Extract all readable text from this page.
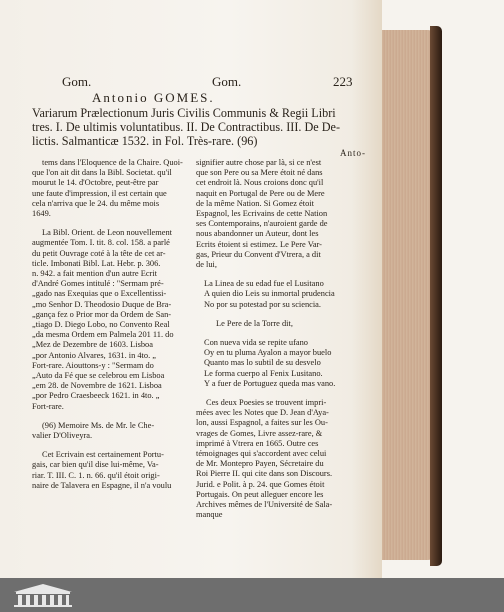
Gom.	Gom.	223
Antonio GOMES.
Variarum Prælectionum Juris Civilis Communis & Regii Libri
tres. I. De ultimis voluntatibus. II. De Contractibus. III. De De-
lictis. Salmanticæ 1532. in Fol. Très-rare. (96)
Anto-

tems dans l'Eloquence de la Chaire. Quoi-
que l'on ait dit dans la Bibl. Societat. qu'il
mourut le 14. d'Octobre, peut-être par
une faute d'impression, il est certain que
cela n'arriva que le 24. du même mois
1649.

La Bibl. Orient. de Leon nouvellement
augmentée Tom. I. tit. 8. col. 158. a parlé
du petit Ouvrage coté à la tête de cet ar-
ticle. Imbonati Bibl. Lat. Hebr. p. 306.
n. 942. a fait mention d'un autre Ecrit
d'André Gomes intitulé : "Sermam pré-
„gado nas Exequias que o Excellentissi-
„mo Senhor D. Theodosio Duque de Bra-
„gança fez o Prior mor da Ordem de San-
„tiago D. Diego Lobo, no Convento Real
„da mesma Ordem em Palmela 201 11. do
„Mez de Dezembre de 1603. Lisboa
„por Antonio Alvares, 1631. in 4to. „
Fort-rare. Aiouttons-y : "Sermam do
„Auto da Fé que se celebrou em Lisboa
„em 28. de Novembre de 1621. Lisboa
„por Pedro Craesbeeck 1621. in 4to. „
Fort-rare.

(96) Memoire Ms. de Mr. le Che-
valier D'Oliveyra.

Cet Ecrivain est certainement Portu-
gais, car bien qu'il dise lui-même, Va-
riar. T. III. C. 1. n. 66. qu'il étoit origi-
naire de Talavera en Espagne, il n'a voulu

signifier autre chose par là, si ce n'est
que son Pere ou sa Mere étoit né dans
cet endroit là. Nous croions donc qu'il
naquit en Portugal de Pere ou de Mere
de la même Nation. Si Gomez étoit
Espagnol, les Ecrivains de cette Nation
ses Contemporains, n'auroient garde de
nous abandonner un Auteur, dont les
Ecrits étoient si estimez. Le Pere Var-
gas, Prieur du Convent d'Vtrera, a dit
de lui,

La Linea de su edad fue el Lusitano
A quien dio Leis su inmortal prudencia
No por su potestad por su sciencia.

Le Pere de la Torre dit,

Con nueva vida se repite ufano
Oy en tu pluma Ayalon a mayor buelo
Quanto mas lo subtil de su desvelo
Le forma cuerpo al Fenix Lusitano.
Y a fuer de Portuguez queda mas vano.

Ces deux Poesies se trouvent impri-
mées avec les Notes que D. Jean d'Aya-
lon, aussi Espagnol, a faites sur les Ou-
vrages de Gomes, Livre assez-rare, &
imprimé à Vtrera en 1665. Outre ces
témoignages qui s'accordent avec celui
de Mr. Montepro Payen, Sécretaire du
Roi Pierre II. qui cite dans son Discours.
Jurid. e Polit. à p. 24. que Gomes étoit
Portugais. On peut alleguer encore les
Archives mêmes de l'Université de Sala-
manque
